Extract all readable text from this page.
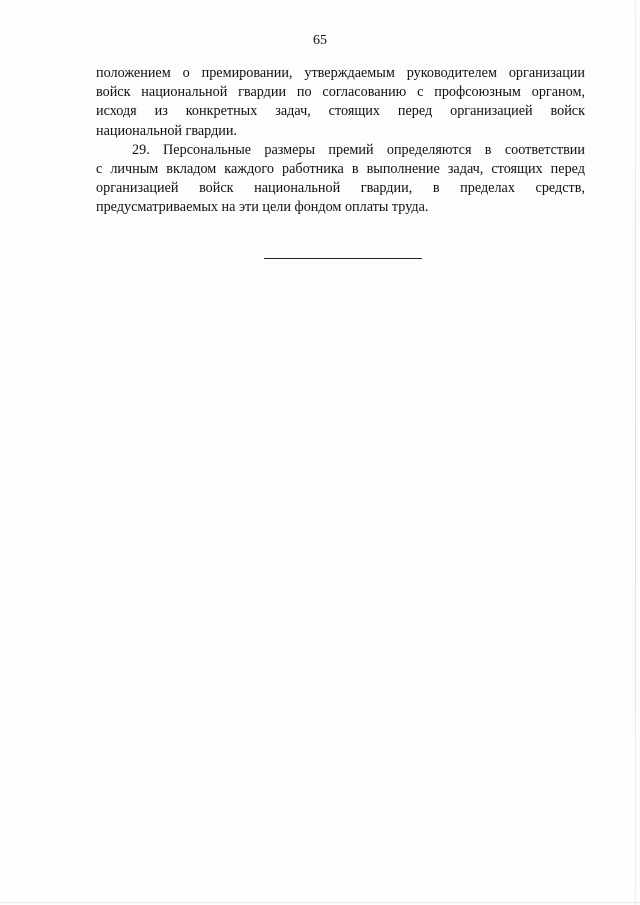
65
положением о премировании, утверждаемым руководителем организации
войск национальной гвардии по согласованию с профсоюзным органом,
исходя из конкретных задач, стоящих перед организацией войск
национальной гвардии.
29. Персональные размеры премий определяются в соответствии
с личным вкладом каждого работника в выполнение задач, стоящих перед
организацией войск национальной гвардии, в пределах средств,
предусматриваемых на эти цели фондом оплаты труда.
